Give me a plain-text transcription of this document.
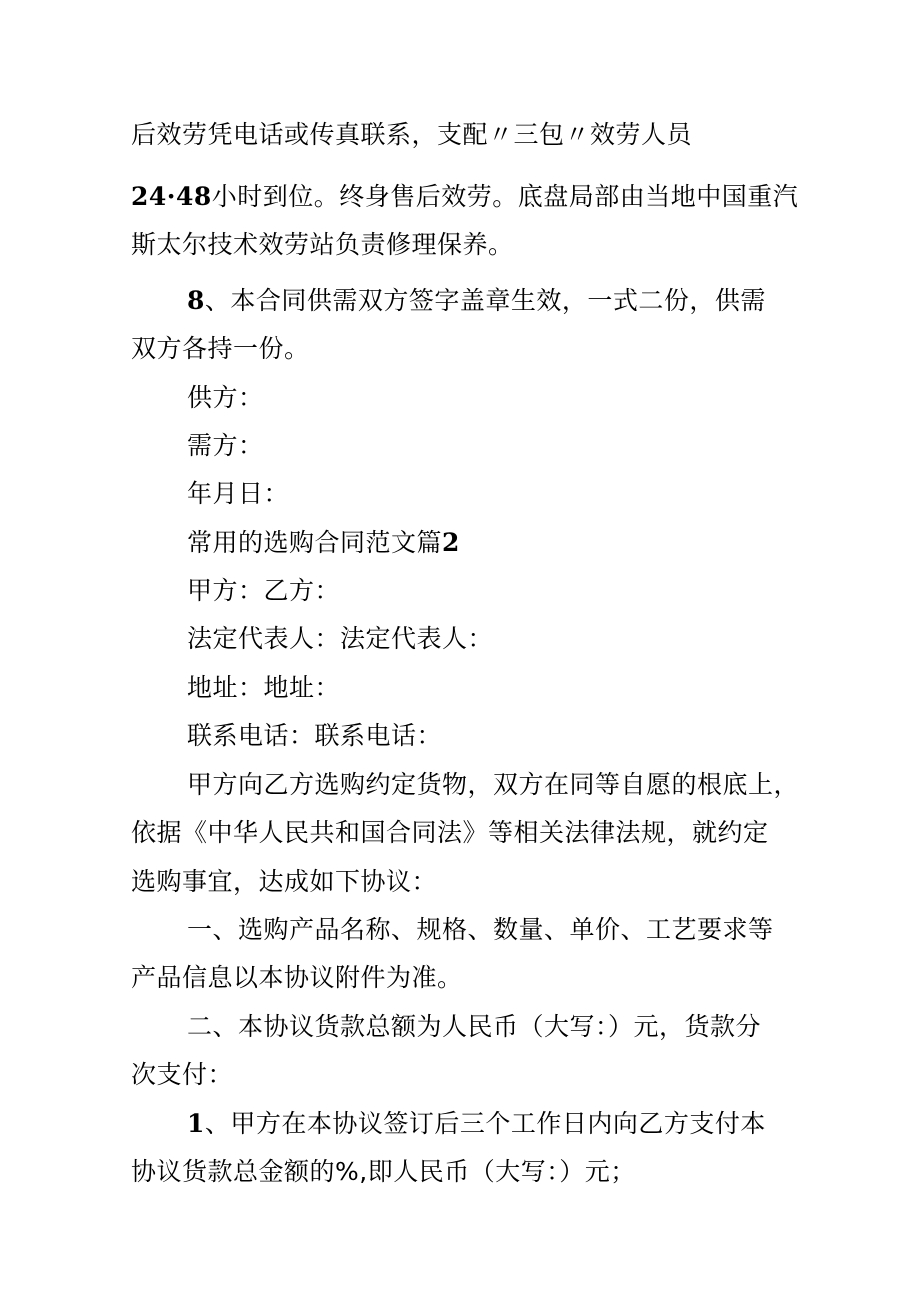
后效劳凭电话或传真联系，支配〃三包〃效劳人员
24·48小时到位。终身售后效劳。底盘局部由当地中国重汽
斯太尔技术效劳站负责修理保养。
8、本合同供需双方签字盖章生效，一式二份，供需
双方各持一份。
供方：
需方：
年月日：
常用的选购合同范文篇2
甲方：乙方：
法定代表人：法定代表人：
地址：地址：
联系电话：联系电话：
甲方向乙方选购约定货物，双方在同等自愿的根底上，
依据《中华人民共和国合同法》等相关法律法规，就约定
选购事宜，达成如下协议：
一、选购产品名称、规格、数量、单价、工艺要求等
产品信息以本协议附件为准。
二、本协议货款总额为人民币（大写：）元，货款分
次支付：
1、甲方在本协议签订后三个工作日内向乙方支付本
协议货款总金额的%,即人民币（大写：）元；
